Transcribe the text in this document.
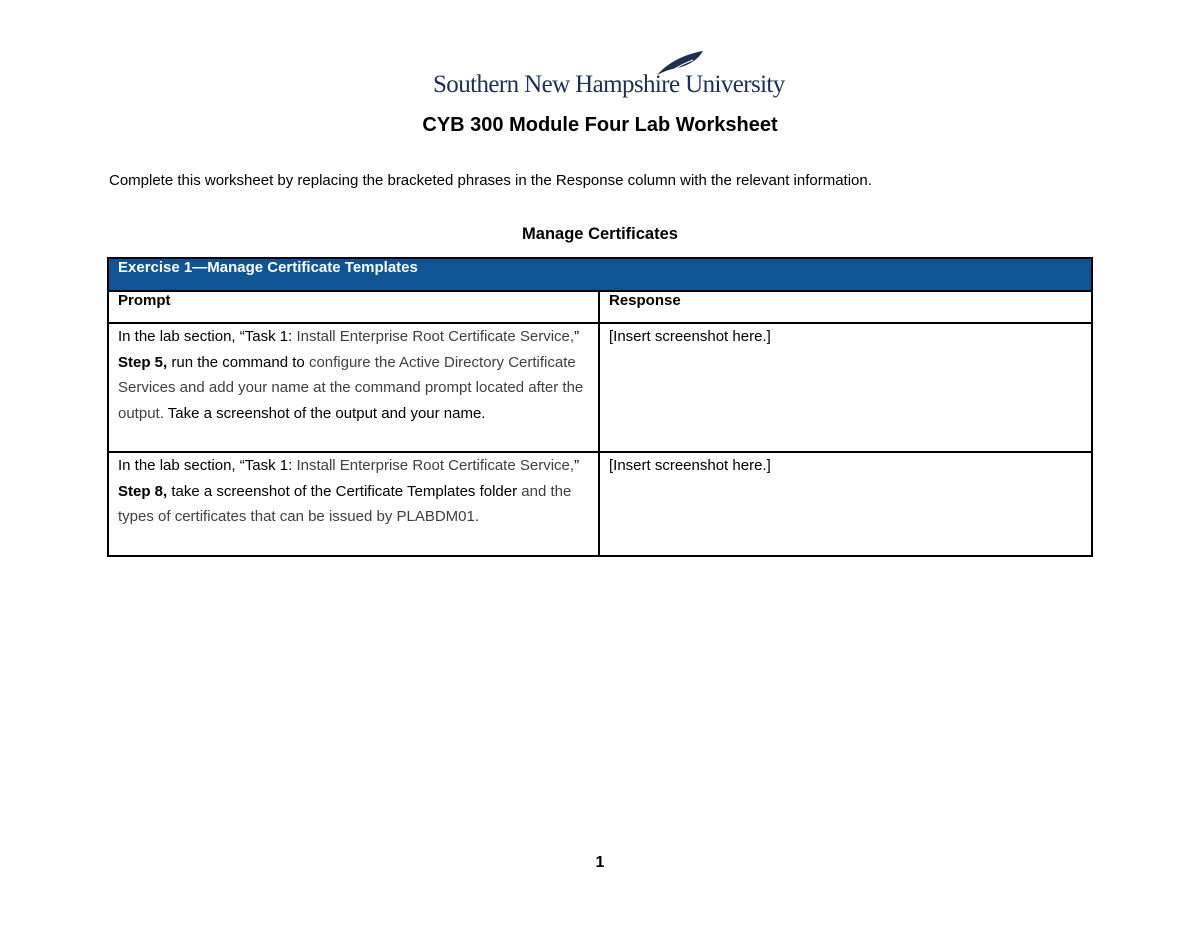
Southern New Hampshire University
CYB 300 Module Four Lab Worksheet
Complete this worksheet by replacing the bracketed phrases in the Response column with the relevant information.
Manage Certificates
Exercise 1—Manage Certificate Templates	
Prompt	Response
In the lab section, “Task 1: Install Enterprise Root Certificate Service,” Step 5, run the command to configure the Active Directory Certificate Services and add your name at the command prompt located after the output. Take a screenshot of the output and your name.	[Insert screenshot here.]
In the lab section, “Task 1: Install Enterprise Root Certificate Service,” Step 8, take a screenshot of the Certificate Templates folder and the types of certificates that can be issued by PLABDM01.	[Insert screenshot here.]
1
